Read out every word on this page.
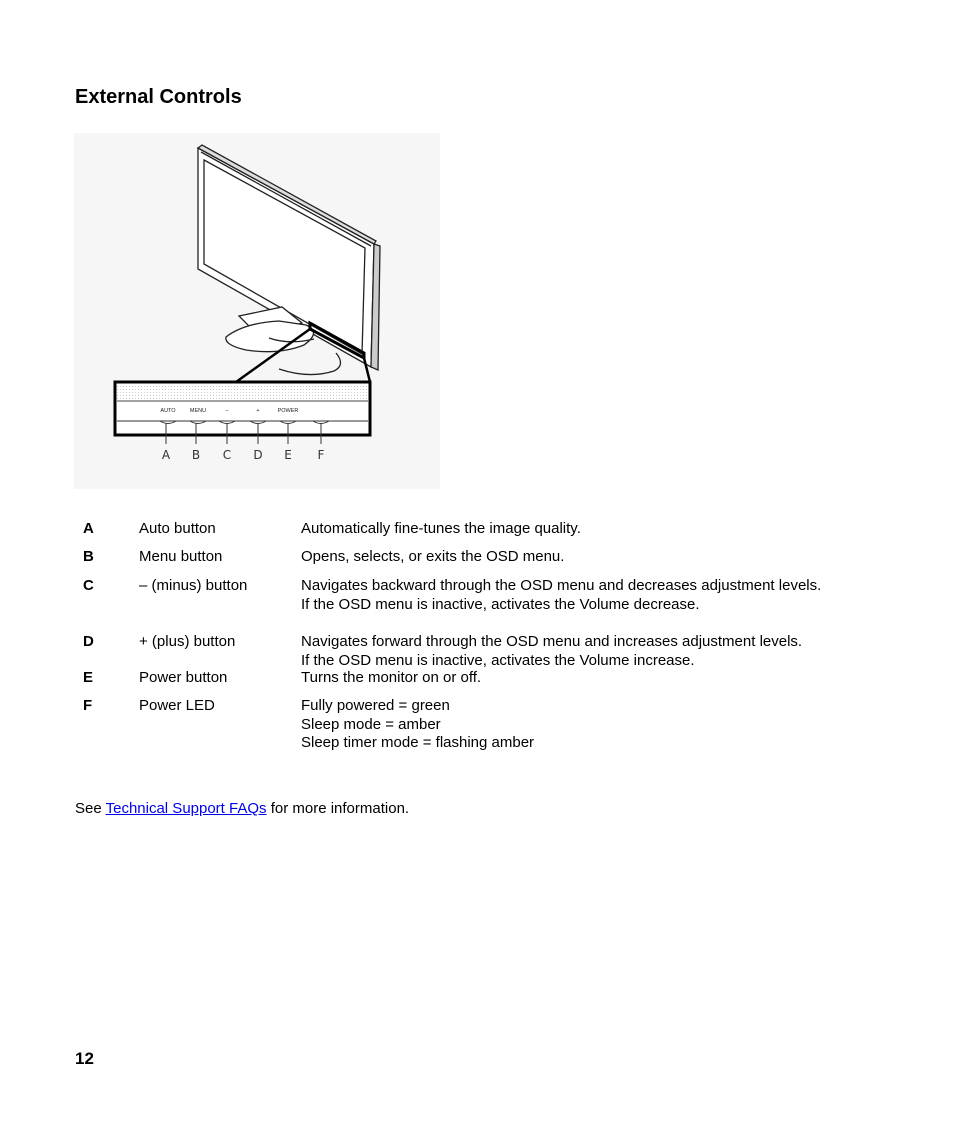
External Controls
AUTO	MENU	–	+	POWER
A B C D E F
A	Auto button	Automatically fine-tunes the image quality.
B	Menu button	Opens, selects, or exits the OSD menu.
C	– (minus) button	Navigates backward through the OSD menu and decreases adjustment levels.
If the OSD menu is inactive, activates the Volume decrease.
D	+ (plus) button	Navigates forward through the OSD menu and increases adjustment levels.
If the OSD menu is inactive, activates the Volume increase.
E	Power button	Turns the monitor on or off.
F	Power LED	Fully powered = green
Sleep mode = amber
Sleep timer mode = flashing amber
See Technical Support FAQs for more information.
12
